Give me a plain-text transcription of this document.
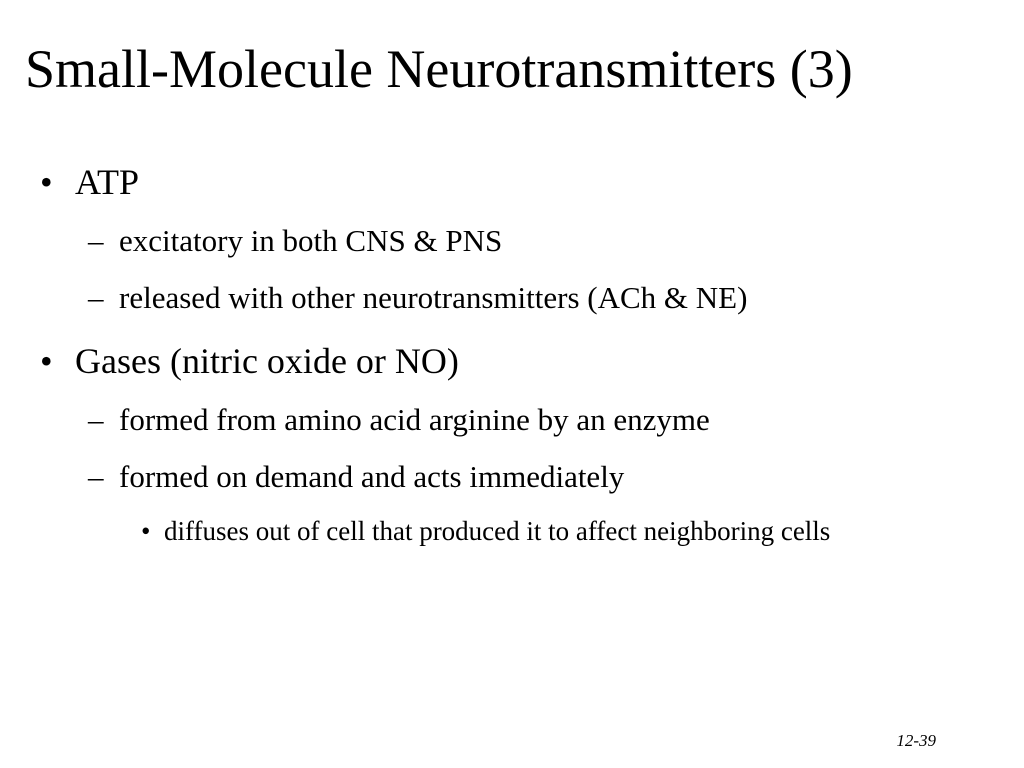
Small-Molecule Neurotransmitters (3)
• ATP
– excitatory in both CNS & PNS
– released with other neurotransmitters (ACh & NE)
• Gases (nitric oxide or NO)
– formed from amino acid arginine by an enzyme
– formed on demand and acts immediately
• diffuses out of cell that produced it to affect neighboring cells
12-39
